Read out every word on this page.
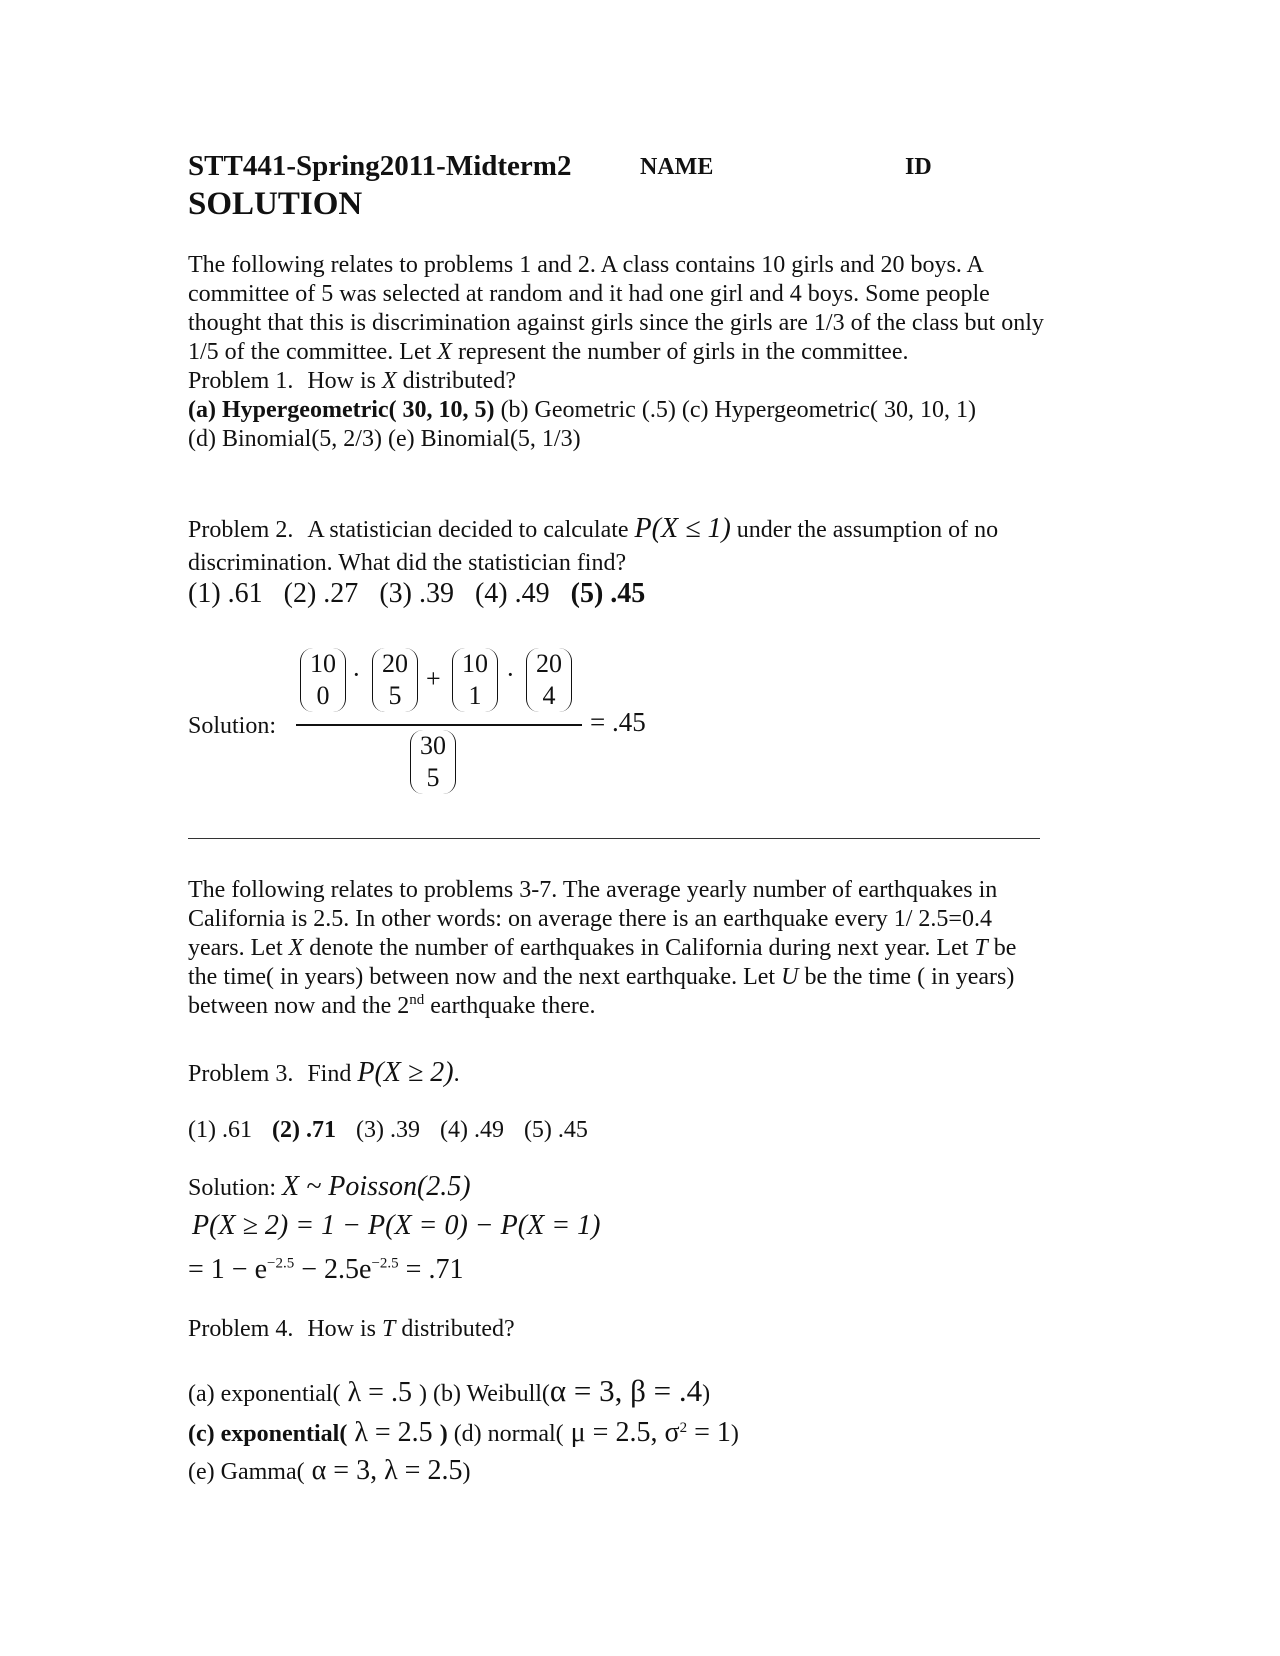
STT441-Spring2011-Midterm2	NAME	ID
SOLUTION
The following relates to problems 1 and 2. A class contains 10 girls and 20 boys. A
committee of 5 was selected at random and it had one girl and 4 boys. Some people
thought that this is discrimination against girls since the girls are 1/3 of the class but only
1/5 of the committee. Let X represent the number of girls in the committee.
Problem 1. How is X distributed?
(a) Hypergeometric( 30, 10, 5) (b) Geometric (.5) (c) Hypergeometric( 30, 10, 1)
(d) Binomial(5, 2/3) (e) Binomial(5, 1/3)
Problem 2. A statistician decided to calculate P(X ≤ 1) under the assumption of no
discrimination. What did the statistician find?
(1) .61 (2) .27 (3) .39 (4) .49 (5) .45
Solution:
10
0
· 20
5
+
10
1
· 20
4
= .45
30
5
The following relates to problems 3-7. The average yearly number of earthquakes in
California is 2.5. In other words: on average there is an earthquake every 1/ 2.5=0.4
years. Let X denote the number of earthquakes in California during next year. Let T be
the time( in years) between now and the next earthquake. Let U be the time ( in years)
between now and the 2nd earthquake there.
Problem 3. Find P(X ≥ 2).
(1) .61 (2) .71 (3) .39 (4) .49 (5) .45
Solution: X ~ Poisson(2.5)
P(X ≥ 2) = 1 − P(X = 0) − P(X = 1)
= $1 - e^{-2.5} - 2.5e^{-2.5} = .71$
Problem 4. How is T distributed?
(a) exponential( λ = .5 ) (b) Weibull(α = 3, β = .4)
(c) exponential( λ = 2.5 ) (d) normal( μ = 2.5, $\sigma^2 = 1$)
(e) Gamma( α = 3, λ = 2.5)
